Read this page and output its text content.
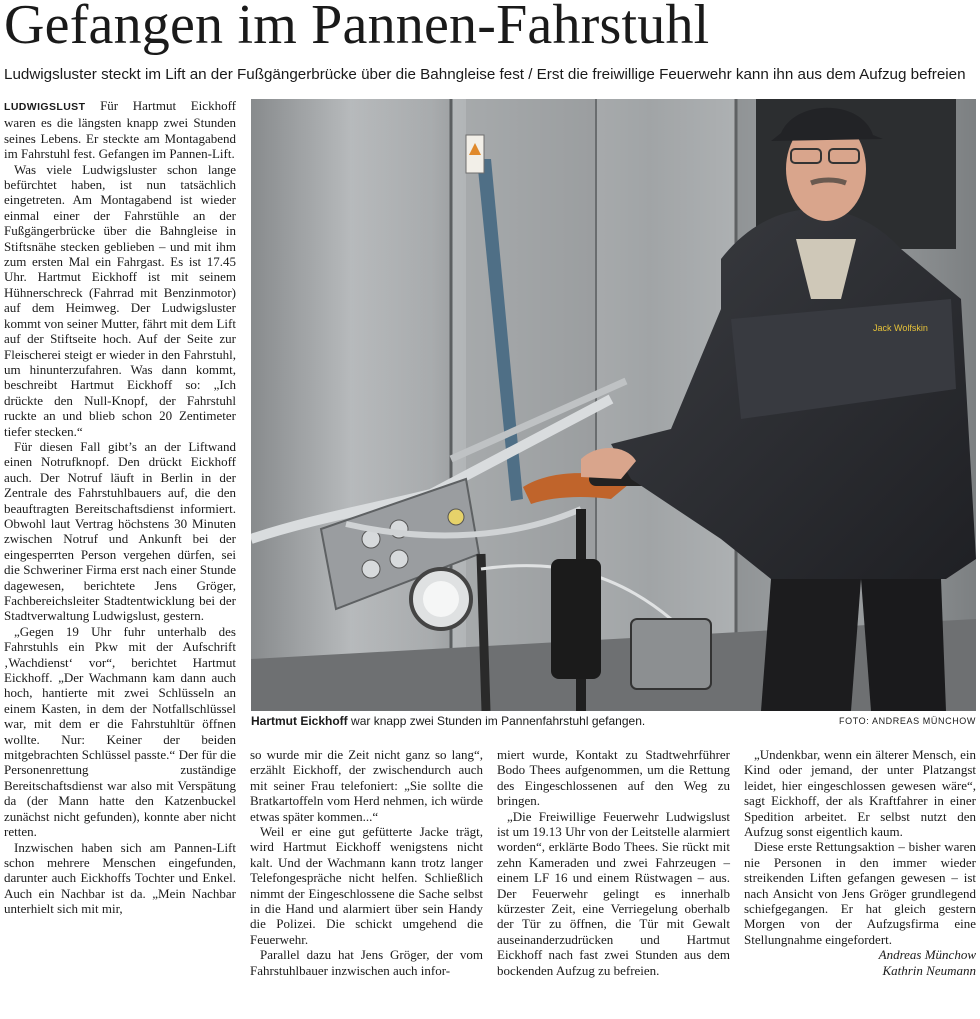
Gefangen im Pannen-Fahrstuhl

Ludwigsluster steckt im Lift an der Fußgängerbrücke über die Bahngleise fest / Erst die freiwillige Feuerwehr kann ihn aus dem Aufzug befreien

LUDWIGSLUST Für Hartmut Eickhoff waren es die längsten knapp zwei Stunden seines Lebens. Er steckte am Montagabend im Fahrstuhl fest. Gefangen im Pannen-Lift.

Was viele Ludwigsluster schon lange befürchtet haben, ist nun tatsächlich eingetreten. Am Montagabend ist wieder einmal einer der Fahrstühle an der Fußgängerbrücke über die Bahngleise in Stiftsnähe stecken geblieben – und mit ihm zum ersten Mal ein Fahrgast. Es ist 17.45 Uhr. Hartmut Eickhoff ist mit seinem Hühnerschreck (Fahrrad mit Benzinmotor) auf dem Heimweg. Der Ludwigsluster kommt von seiner Mutter, fährt mit dem Lift auf der Stiftseite hoch. Auf der Seite zur Fleischerei steigt er wieder in den Fahrstuhl, um hinunterzufahren. Was dann kommt, beschreibt Hartmut Eickhoff so: „Ich drückte den Null-Knopf, der Fahrstuhl ruckte an und blieb schon 20 Zentimeter tiefer stecken.“

Für diesen Fall gibt’s an der Liftwand einen Notrufknopf. Den drückt Eickhoff auch. Der Notruf läuft in Berlin in der Zentrale des Fahrstuhlbauers auf, die den beauftragten Bereitschaftsdienst informiert. Obwohl laut Vertrag höchstens 30 Minuten zwischen Notruf und Ankunft bei der eingesperrten Person vergehen dürfen, sei die Schweriner Firma erst nach einer Stunde dagewesen, berichtete Jens Gröger, Fachbereichsleiter Stadtentwicklung bei der Stadtverwaltung Ludwigslust, gestern.

„Gegen 19 Uhr fuhr unterhalb des Fahrstuhls ein Pkw mit der Aufschrift ‚Wachdienst‘ vor“, berichtet Hartmut Eickhoff. „Der Wachmann kam dann auch hoch, hantierte mit zwei Schlüsseln an einem Kasten, in dem der Notfallschlüssel war, mit dem er die Fahrstuhltür öffnen wollte. Nur: Keiner der beiden mitgebrachten Schlüssel passte.“ Der für die Personenrettung zuständige Bereitschaftsdienst war also mit Verspätung da (der Mann hatte den Katzenbuckel zunächst nicht gefunden), konnte aber nicht retten.

Inzwischen haben sich am Pannen-Lift schon mehrere Menschen eingefunden, darunter auch Eickhoffs Tochter und Enkel. Auch ein Nachbar ist da. „Mein Nachbar unterhielt sich mit mir,

Jack Wolfskin
Hartmut Eickhoff war knapp zwei Stunden im Pannenfahrstuhl gefangen.	FOTO: ANDREAS MÜNCHOW

so wurde mir die Zeit nicht ganz so lang“, erzählt Eickhoff, der zwischendurch auch mit seiner Frau telefoniert: „Sie sollte die Bratkartoffeln vom Herd nehmen, ich würde etwas später kommen...“

Weil er eine gut gefütterte Jacke trägt, wird Hartmut Eickhoff wenigstens nicht kalt. Und der Wachmann kann trotz langer Telefongespräche nicht helfen. Schließlich nimmt der Eingeschlossene die Sache selbst in die Hand und alarmiert über sein Handy die Polizei. Die schickt umgehend die Feuerwehr.

Parallel dazu hat Jens Gröger, der vom Fahrstuhlbauer inzwischen auch infor-

miert wurde, Kontakt zu Stadtwehrführer Bodo Thees aufgenommen, um die Rettung des Eingeschlossenen auf den Weg zu bringen.

„Die Freiwillige Feuerwehr Ludwigslust ist um 19.13 Uhr von der Leitstelle alarmiert worden“, erklärte Bodo Thees. Sie rückt mit zehn Kameraden und zwei Fahrzeugen – einem LF 16 und einem Rüstwagen – aus. Der Feuerwehr gelingt es innerhalb kürzester Zeit, eine Verriegelung oberhalb der Tür zu öffnen, die Tür mit Gewalt auseinanderzudrücken und Hartmut Eickhoff nach fast zwei Stunden aus dem bockenden Aufzug zu befreien.

„Undenkbar, wenn ein älterer Mensch, ein Kind oder jemand, der unter Platzangst leidet, hier eingeschlossen gewesen wäre“, sagt Eickhoff, der als Kraftfahrer in einer Spedition arbeitet. Er selbst nutzt den Aufzug sonst eigentlich kaum.

Diese erste Rettungsaktion – bisher waren nie Personen in den immer wieder streikenden Liften gefangen gewesen – ist nach Ansicht von Jens Gröger grundlegend schiefgegangen. Er hat gleich gestern Morgen von der Aufzugsfirma eine Stellungnahme eingefordert.

Andreas Münchow

Kathrin Neumann
